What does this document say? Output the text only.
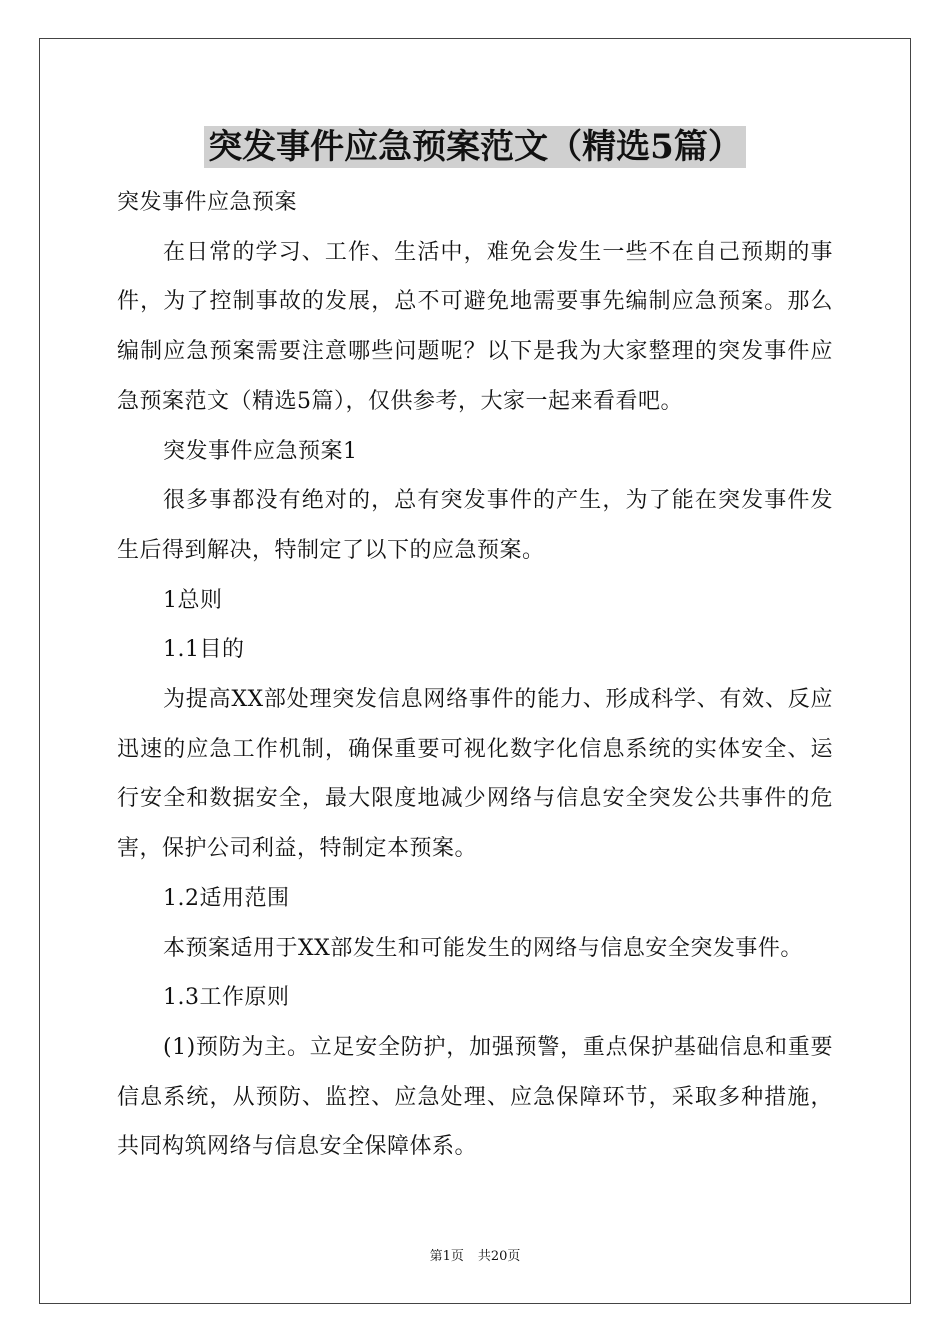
突发事件应急预案范文（精选5篇）

突发事件应急预案

在日常的学习、工作、生活中，难免会发生一些不在自己预期的事件，为了控制事故的发展，总不可避免地需要事先编制应急预案。那么编制应急预案需要注意哪些问题呢？以下是我为大家整理的突发事件应急预案范文（精选5篇），仅供参考，大家一起来看看吧。

突发事件应急预案1

很多事都没有绝对的，总有突发事件的产生，为了能在突发事件发生后得到解决，特制定了以下的应急预案。

1总则

1.1目的

为提高XX部处理突发信息网络事件的能力、形成科学、有效、反应迅速的应急工作机制，确保重要可视化数字化信息系统的实体安全、运行安全和数据安全，最大限度地减少网络与信息安全突发公共事件的危害，保护公司利益，特制定本预案。

1.2适用范围

本预案适用于XX部发生和可能发生的网络与信息安全突发事件。

1.3工作原则

(1)预防为主。立足安全防护，加强预警，重点保护基础信息和重要信息系统，从预防、监控、应急处理、应急保障环节，采取多种措施，共同构筑网络与信息安全保障体系。

第1页 共20页
